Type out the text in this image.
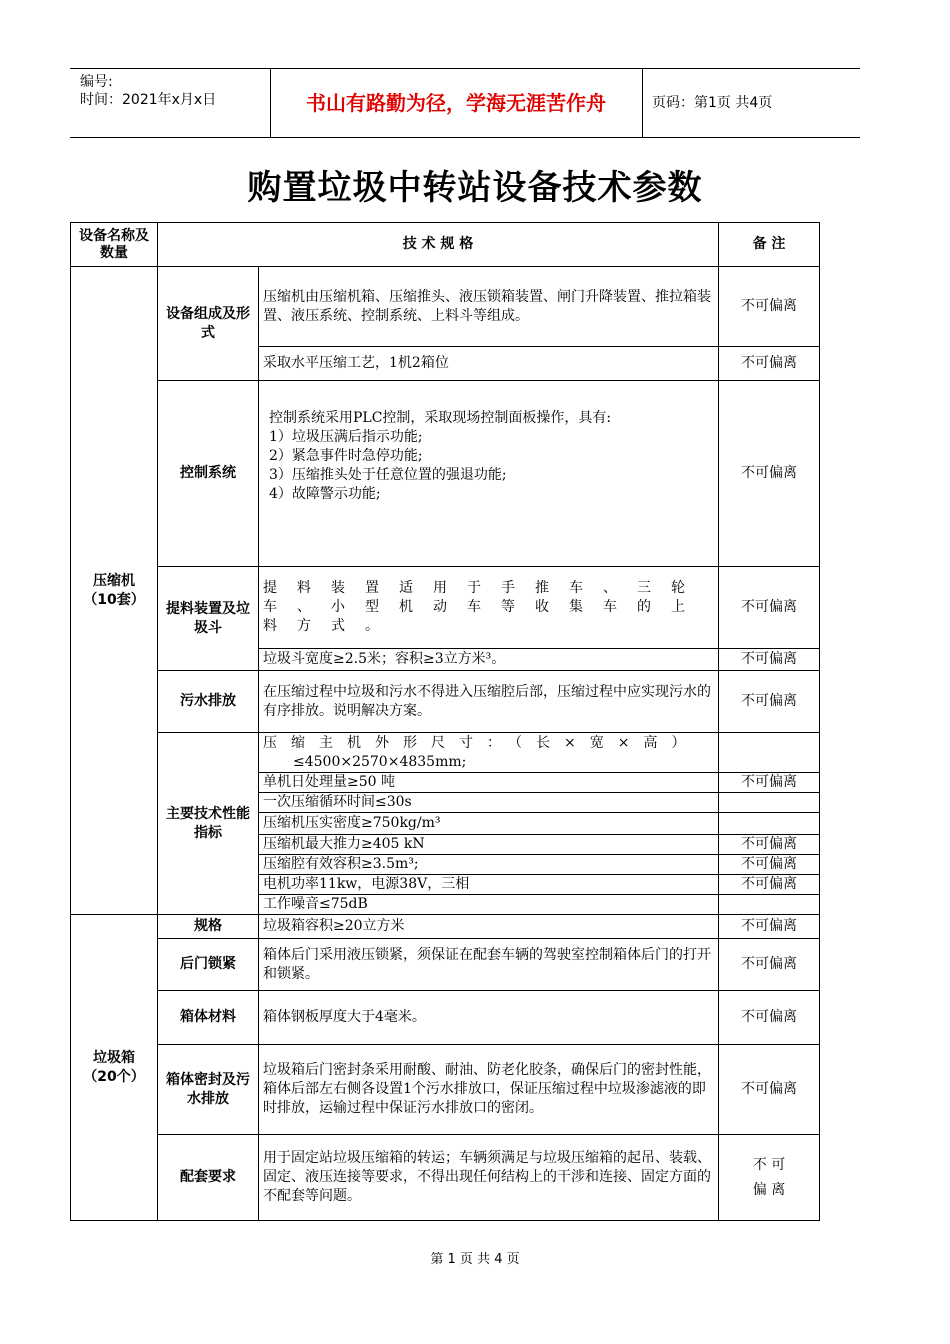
编号:
时间：2021年x月x日	书山有路勤为径，学海无涯苦作舟	页码：第1页 共4页
购置垃圾中转站设备技术参数
设备名称及数量	技 术 规 格		备 注

压缩机
（10套）	设备组成及形式	压缩机由压缩机箱、压缩推头、液压锁箱装置、闸门升降装置、推拉箱装置、液压系统、控制系统、上料斗等组成。	不可偏离
		采取水平压缩工艺，1机2箱位	不可偏离
	控制系统	控制系统采用PLC控制，采取现场控制面板操作，具有:
1）垃圾压满后指示功能;
2）紧急事件时急停功能;
3）压缩推头处于任意位置的强退功能;
4）故障警示功能;	不可偏离
	提料装置及垃圾斗	提料装置适用于手推车、三轮车、小型机动车等收集车的上料方式。	不可偏离
		垃圾斗宽度≥2.5米；容积≥3立方米³。	不可偏离
	污水排放	在压缩过程中垃圾和污水不得进入压缩腔后部，压缩过程中应实现污水的有序排放。说明解决方案。	不可偏离
	主要技术性能指标	压缩主机外形尺寸：（长×宽×高）
≤4500×2570×4835mm;	

		单机日处理量≥50 吨	不可偏离
		一次压缩循环时间≤30s	
		压缩机压实密度≥750kg/m³	
		压缩机最大推力≥405 kN	不可偏离
		压缩腔有效容积≥3.5m³;	不可偏离
		电机功率11kw，电源38V，三相	不可偏离
		工作噪音≤75dB	

垃圾箱
（20个）	规格	垃圾箱容积≥20立方米	不可偏离
	后门锁紧	箱体后门采用液压锁紧，须保证在配套车辆的驾驶室控制箱体后门的打开和锁紧。	不可偏离
	箱体材料	箱体钢板厚度大于4毫米。	不可偏离
	箱体密封及污水排放	垃圾箱后门密封条采用耐酸、耐油、防老化胶条，确保后门的密封性能，箱体后部左右侧各设置1个污水排放口，保证压缩过程中垃圾渗滤液的即时排放，运输过程中保证污水排放口的密闭。	不可偏离
	配套要求	用于固定站垃圾压缩箱的转运；车辆须满足与垃圾压缩箱的起吊、装载、固定、液压连接等要求，不得出现任何结构上的干涉和连接、固定方面的不配套等问题。	不 可
偏 离
第 1 页 共 4 页
